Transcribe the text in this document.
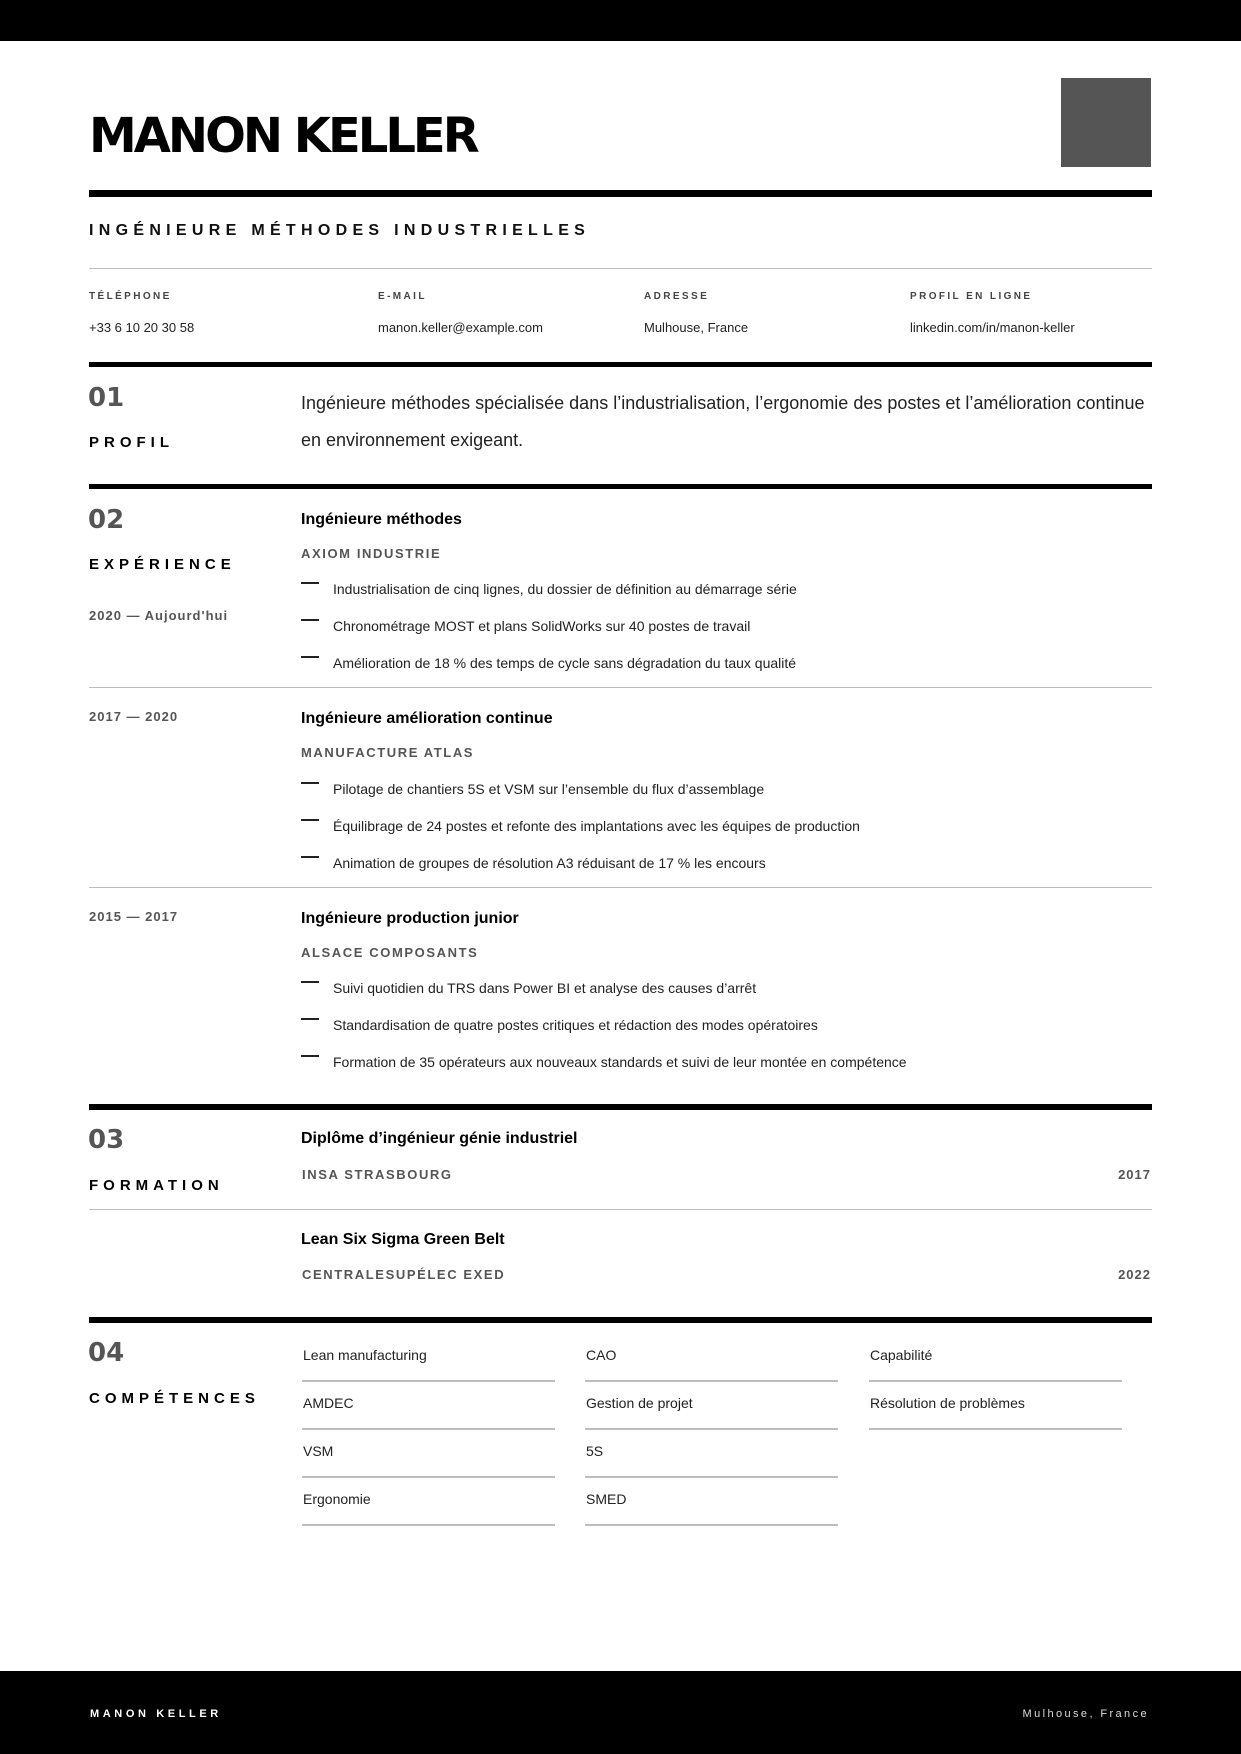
MANON KELLER
INGÉNIEURE MÉTHODES INDUSTRIELLES
TÉLÉPHONE
+33 6 10 20 30 58
E-MAIL
manon.keller@example.com
ADRESSE
Mulhouse, France
PROFIL EN LIGNE
linkedin.com/in/manon-keller
01
PROFIL

Ingénieure méthodes spécialisée dans l’industrialisation, l’ergonomie des postes et l’amélioration continue en environnement exigeant.

02
EXPÉRIENCE
2020 — Aujourd'hui
Ingénieure méthodes
AXIOM INDUSTRIE
Industrialisation de cinq lignes, du dossier de définition au démarrage série
Chronométrage MOST et plans SolidWorks sur 40 postes de travail
Amélioration de 18 % des temps de cycle sans dégradation du taux qualité
2017 — 2020	Ingénieure amélioration continue
MANUFACTURE ATLAS
Pilotage de chantiers 5S et VSM sur l’ensemble du flux d’assemblage
Équilibrage de 24 postes et refonte des implantations avec les équipes de production
Animation de groupes de résolution A3 réduisant de 17 % les encours
2015 — 2017	Ingénieure production junior
ALSACE COMPOSANTS
Suivi quotidien du TRS dans Power BI et analyse des causes d’arrêt
Standardisation de quatre postes critiques et rédaction des modes opératoires
Formation de 35 opérateurs aux nouveaux standards et suivi de leur montée en compétence
03
FORMATION
Diplôme d’ingénieur génie industriel
INSA STRASBOURG	2017
Lean Six Sigma Green Belt
CENTRALESUPÉLEC EXED	2022
04
COMPÉTENCES
Lean manufacturing	CAO	Capabilité
AMDEC	Gestion de projet	Résolution de problèmes
VSM	5S
Ergonomie	SMED
MANON KELLER	Mulhouse, France
